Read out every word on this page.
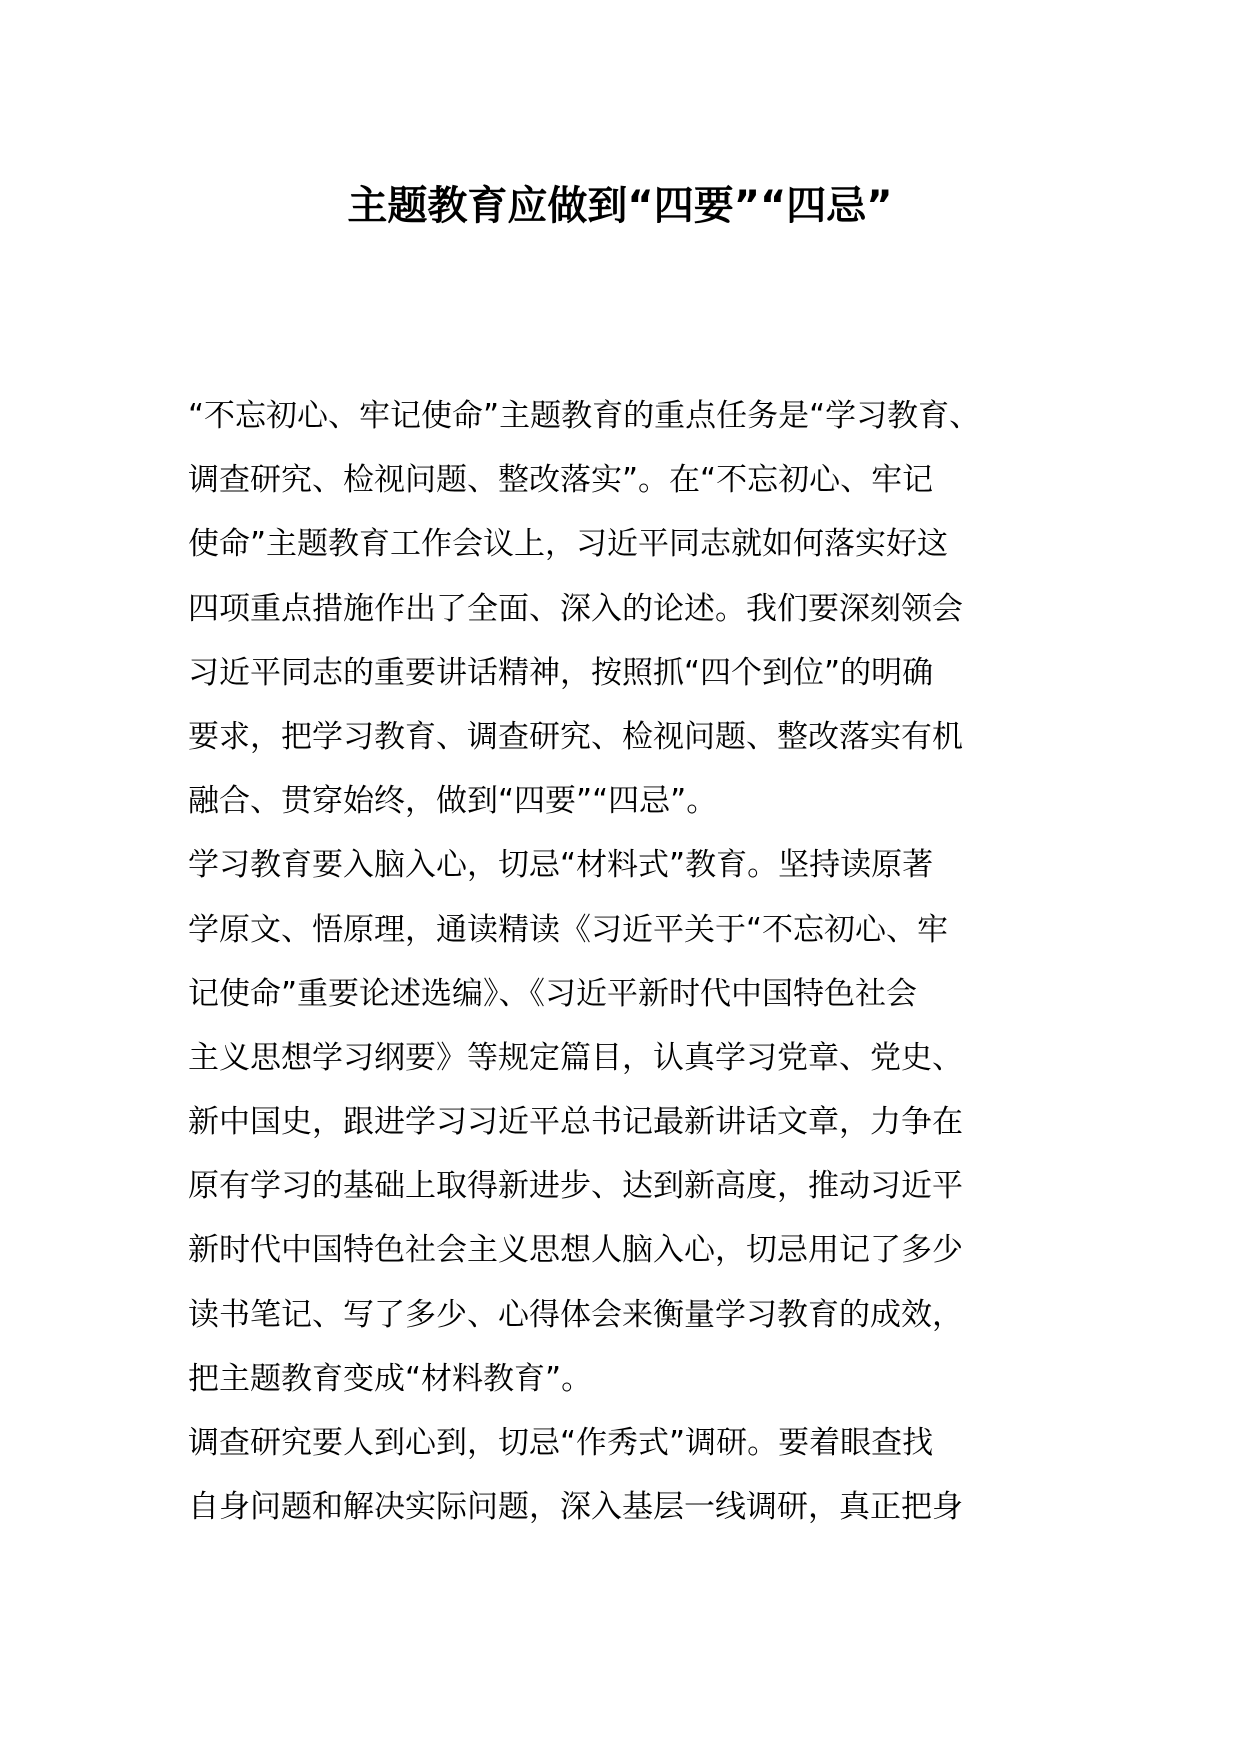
主题教育应做到“四要”“四忌”
“不忘初心、牢记使命”主题教育的重点任务是“学习教育、
调查研究、检视问题、整改落实”。在“不忘初心、牢记
使命”主题教育工作会议上，习近平同志就如何落实好这
四项重点措施作出了全面、深入的论述。我们要深刻领会
习近平同志的重要讲话精神，按照抓“四个到位”的明确
要求，把学习教育、调查研究、检视问题、整改落实有机
融合、贯穿始终，做到“四要”“四忌”。
学习教育要入脑入心，切忌“材料式”教育。坚持读原著
学原文、悟原理，通读精读《习近平关于“不忘初心、牢
记使命”重要论述选编》、《习近平新时代中国特色社会
主义思想学习纲要》等规定篇目，认真学习党章、党史、
新中国史，跟进学习习近平总书记最新讲话文章，力争在
原有学习的基础上取得新进步、达到新高度，推动习近平
新时代中国特色社会主义思想人脑入心，切忌用记了多少
读书笔记、写了多少、心得体会来衡量学习教育的成效，
把主题教育变成“材料教育”。
调查研究要人到心到，切忌“作秀式”调研。要着眼查找
自身问题和解决实际问题，深入基层一线调研，真正把身
